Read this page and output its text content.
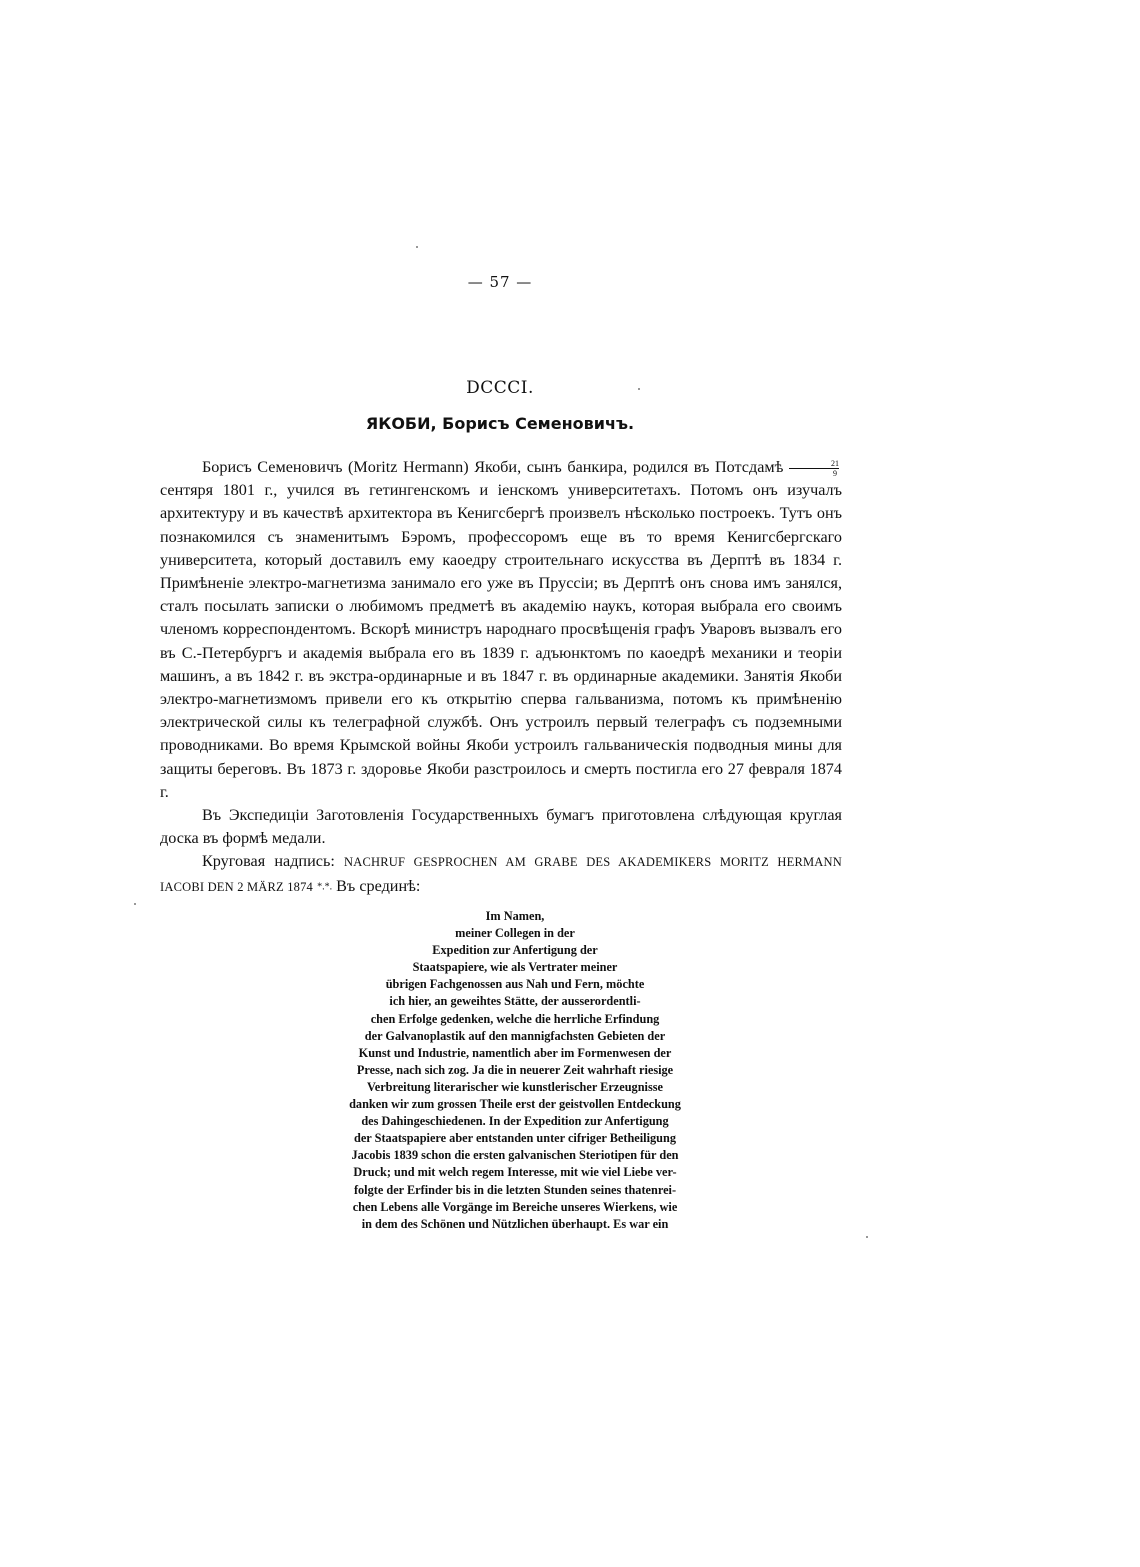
— 57 —
DCCCI.
ЯКОБИ, Борисъ Семеновичъ.

Борисъ Семеновичъ (Moritz Hermann) Якоби, сынъ банкира, родился въ Потсдамѣ $\frac{21}{9}$
сентяря 1801 г., учился въ гетингенскомъ и iенскомъ университетахъ. Потомъ онъ изучалъ архитектуру и въ качествѣ архитектора въ Кенигсбергѣ произвелъ нѣсколько построекъ. Тутъ онъ познакомился съ знаменитымъ Бэромъ, профессоромъ еще въ то время Кенигсбергскаго университета, который доставилъ ему каоедру строительнаго искусства въ Дерптѣ въ 1834 г. Примѣненiе электро-магнетизма занимало его уже въ Пруссiи; въ Дерптѣ онъ снова имъ занялся, сталъ посылать записки о любимомъ предметѣ въ академiю наукъ, которая выбрала его своимъ членомъ корреспондентомъ. Вскорѣ министръ народнаго просвѣщенiя графъ Уваровъ вызвалъ его въ С.-Петербургъ и академiя выбрала его въ 1839 г. адъюнктомъ по каоедрѣ механики и теорiи машинъ, а въ 1842 г. въ экстра-ординарные и въ 1847 г. въ ординарные академики. Занятiя Якоби электро-магнетизмомъ привели его къ открытiю сперва гальванизма, потомъ къ примѣненiю электрической силы къ телеграфной службѣ. Онъ устроилъ первый телеграфъ съ подземными проводниками. Во время Крымской войны Якоби устроилъ гальваническiя подводныя мины для защиты береговъ. Въ 1873 г. здоровье Якоби разстроилось и смерть постигла его 27 февраля 1874 г.

Въ Экспедицiи Заготовленiя Государственныхъ бумагъ приготовлена слѣдующая круглая доска въ формѣ медали.

Круговая надпись: NACHRUF GESPROCHEN AM GRABE DES AKADEMIKERS MORITZ HERMANN IACOBI DEN 2 MÄRZ 1874 *.*. Въ срединѣ:

Im Namen,
meiner Collegen in der
Expedition zur Anfertigung der
Staatspapiere, wie als Vertrater meiner
übrigen Fachgenossen aus Nah und Fern, möchte
ich hier, an geweihtes Stätte, der ausserordentli-
chen Erfolge gedenken, welche die herrliche Erfindung
der Galvanoplastik auf den mannigfachsten Gebieten der
Kunst und Industrie, namentlich aber im Formenwesen der
Presse, nach sich zog. Ja die in neuerer Zeit wahrhaft riesige
Verbreitung literarischer wie kunstlerischer Erzeugnisse
danken wir zum grossen Theile erst der geistvollen Entdeckung
des Dahingeschiedenen. In der Expedition zur Anfertigung
der Staatspapiere aber entstanden unter cifriger Betheiligung
Jacobis 1839 schon die ersten galvanischen Steriotipen für den
Druck; und mit welch regem Interesse, mit wie viel Liebe ver-
folgte der Erfinder bis in die letzten Stunden seines thatenrei-
chen Lebens alle Vorgänge im Bereiche unseres Wierkens, wie
in dem des Schönen und Nützlichen überhaupt. Es war ein
